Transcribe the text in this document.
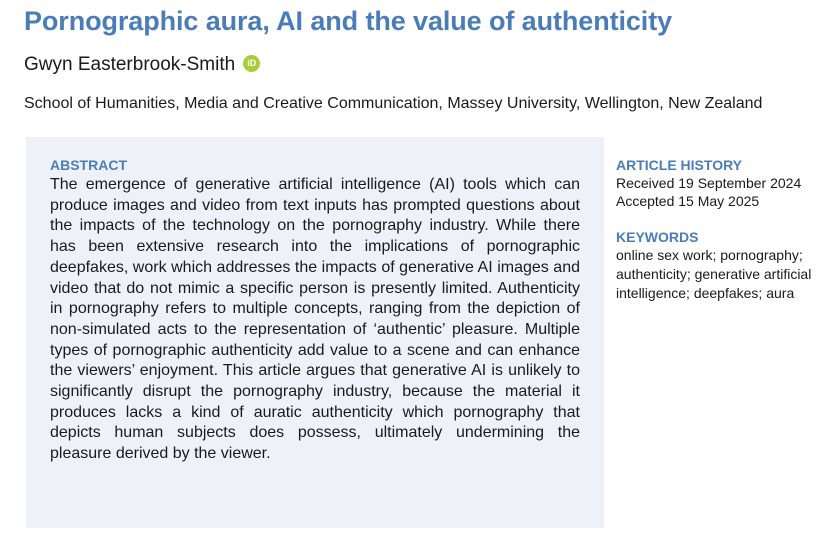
Pornographic aura, AI and the value of authenticity
Gwyn Easterbrook-Smith	iD
School of Humanities, Media and Creative Communication, Massey University, Wellington, New Zealand
ABSTRACT

The emergence of generative artificial intelligence (AI) tools which can produce images and video from text inputs has prompted questions about the impacts of the technology on the pornography industry. While there has been extensive research into the implications of pornographic deepfakes, work which addresses the impacts of generative AI images and video that do not mimic a specific person is presently limited. Authenticity in pornography refers to multiple concepts, ranging from the depiction of non-simulated acts to the representation of ‘authentic’ pleasure. Multiple types of pornographic authenticity add value to a scene and can enhance the viewers’ enjoyment. This article argues that generative AI is unlikely to significantly disrupt the pornography industry, because the material it produces lacks a kind of auratic authenticity which pornography that depicts human subjects does possess, ultimately undermining the pleasure derived by the viewer.

ARTICLE HISTORY
Received 19 September 2024
Accepted 15 May 2025
KEYWORDS
online sex work; pornography; authenticity; generative artificial intelligence; deepfakes; aura
